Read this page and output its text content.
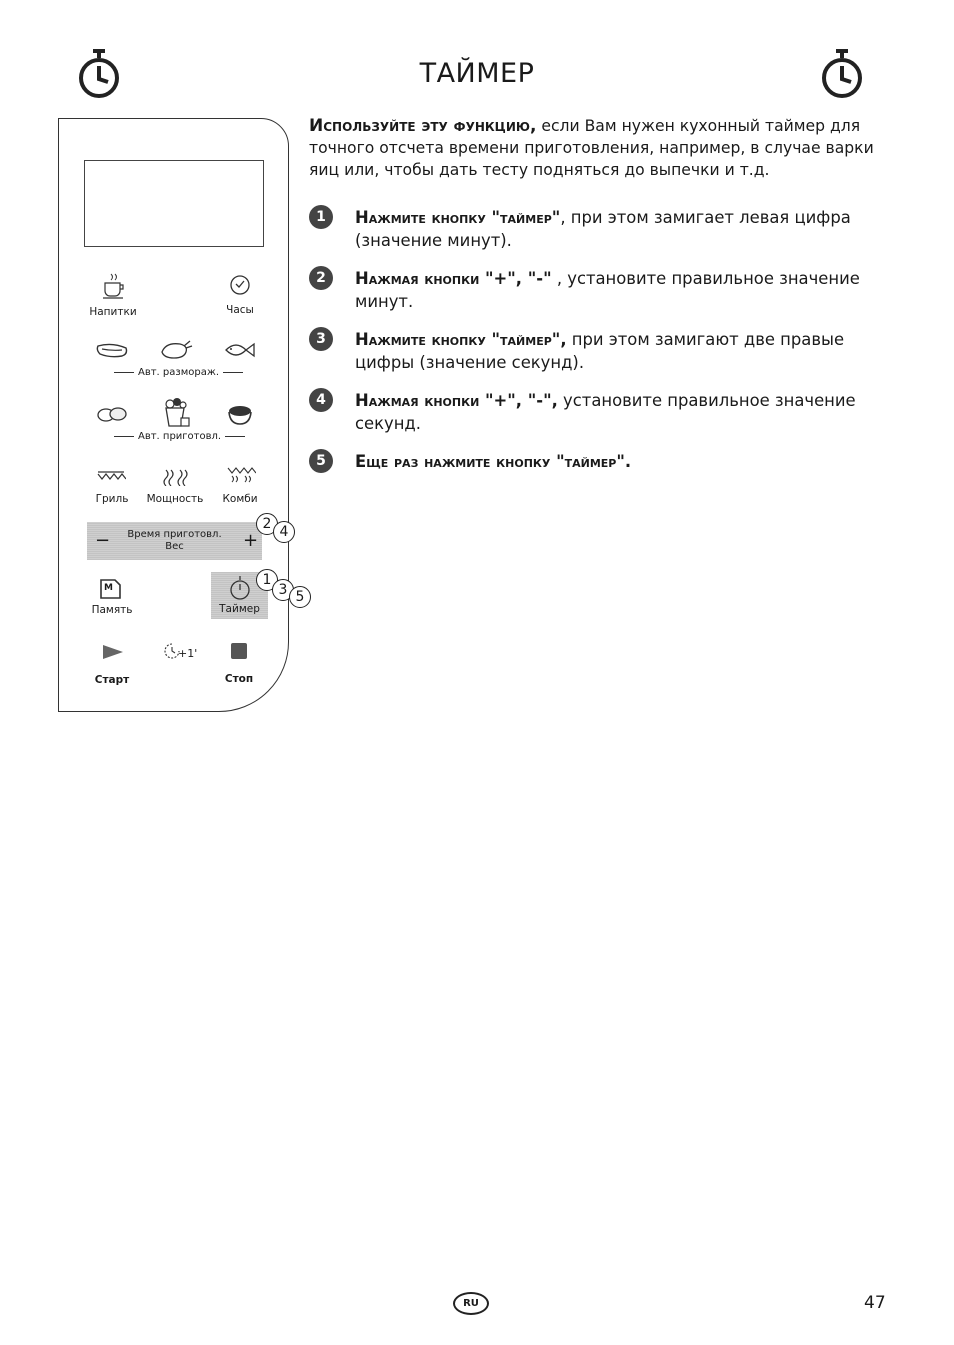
ТАЙМЕР
Используйте эту функцию, если Вам нужен кухонный таймер для точного отсчета времени приготовления, например, в случае варки яиц или, чтобы дать тесту подняться до выпечки и т.д.
1	Нажмите кнопку "таймер", при этом замигает левая цифра (значение минут).
2	Нажмая кнопки "+", "-" , установите правильное значение минут.
3	Нажмите кнопку "таймер", при этом замигают две правые цифры (значение секунд).
4	Нажмая кнопки "+", "-", установите правильное значение секунд.
5	Еще раз нажмите кнопку "таймер".
Напитки	Часы
Авт. разморaж.
Авт. приготовл.
Гриль	Мощность	Комби
−	Время приготовл.
Вес	+
2 4
M
Память	Таймер
1
3 5
+1'
Старт	Стоп
RU	47
